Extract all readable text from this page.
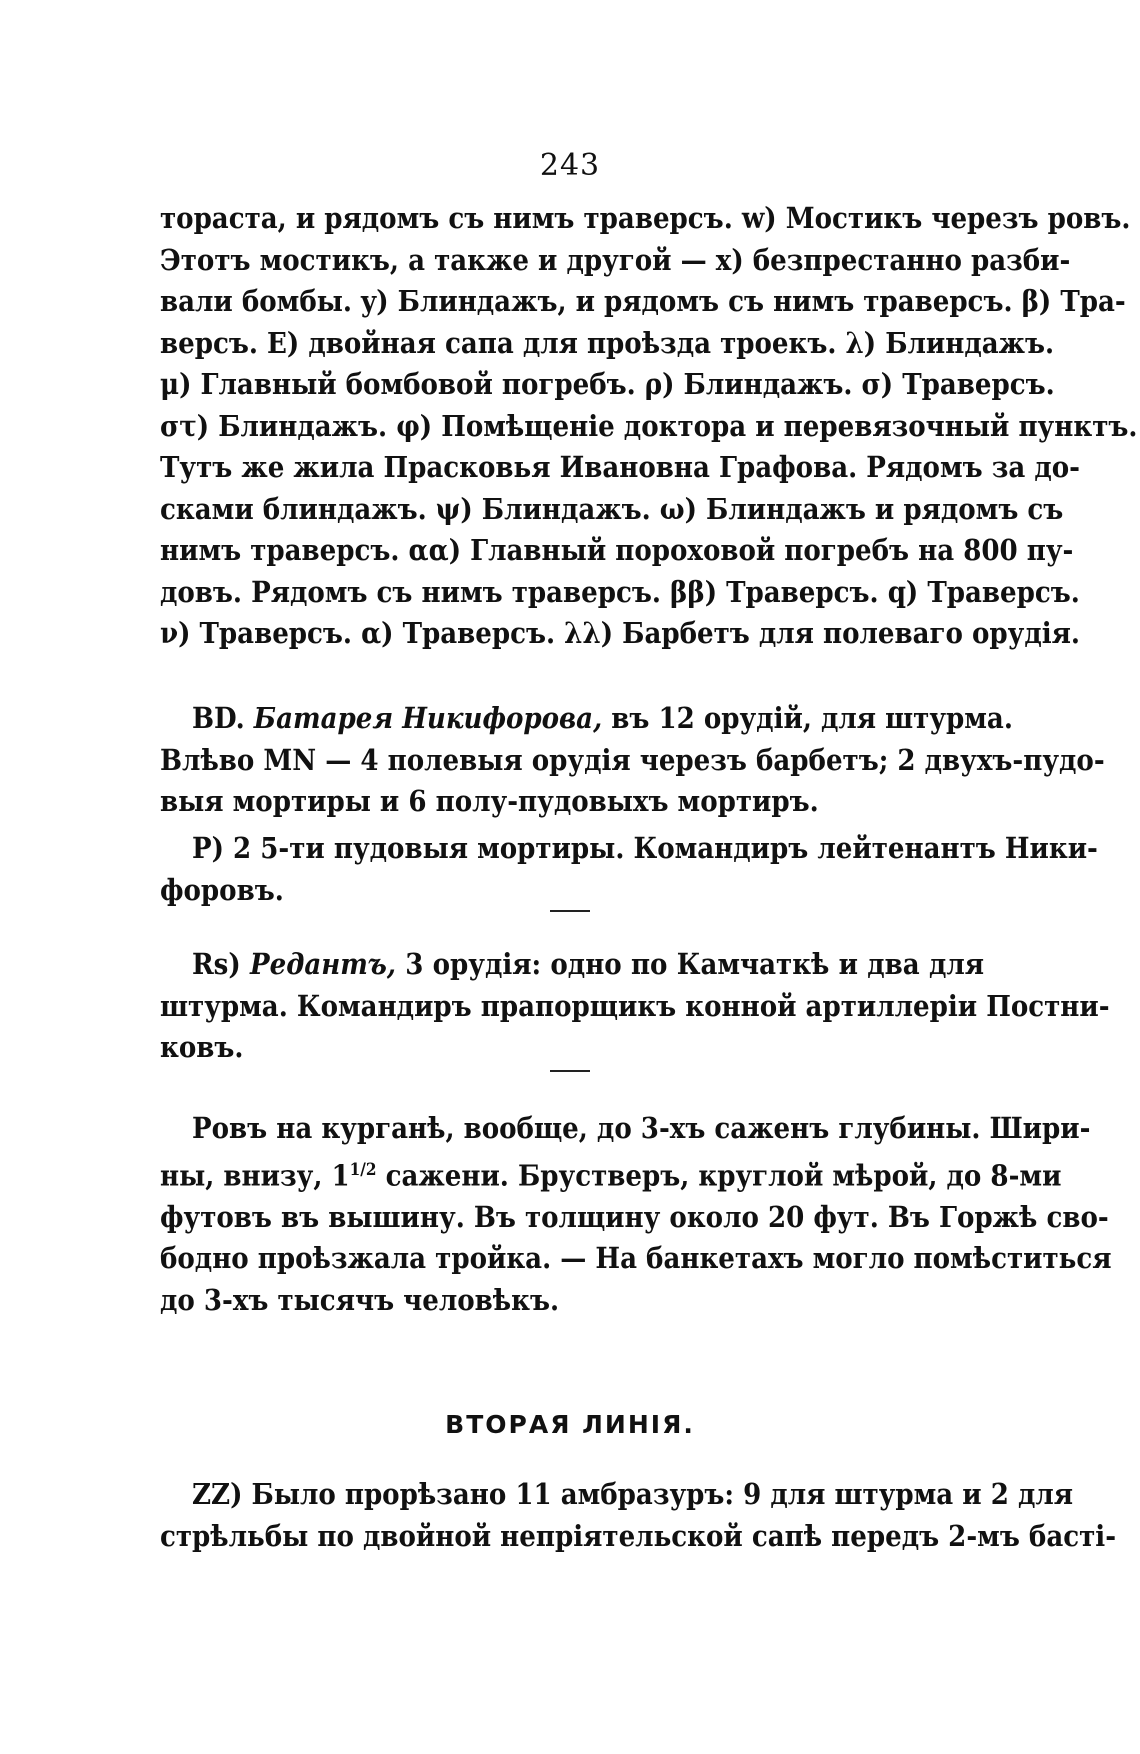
243
тораста, и рядомъ съ нимъ траверсъ. w) Мостикъ черезъ ровъ.
Этотъ мостикъ, а также и другой — x) безпрестанно разби-
вали бомбы. y) Блиндажъ, и рядомъ съ нимъ траверсъ. β) Тра-
версъ. E) двойная сапа для проѣзда троекъ. λ) Блиндажъ.
μ) Главный бомбовой погребъ. ρ) Блиндажъ. σ) Траверсъ.
στ) Блиндажъ. φ) Помѣщеніе доктора и перевязочный пунктъ.
Тутъ же жила Прасковья Ивановна Графова. Рядомъ за до-
сками блиндажъ. ψ) Блиндажъ. ω) Блиндажъ и рядомъ съ
нимъ траверсъ. αα) Главный пороховой погребъ на 800 пу-
довъ. Рядомъ съ нимъ траверсъ. ββ) Траверсъ. q) Траверсъ.
ν) Траверсъ. α) Траверсъ. λλ) Барбетъ для полеваго орудія.
BD. Батарея Никифорова, въ 12 орудій, для штурма.
Влѣво MN — 4 полевыя орудія черезъ барбетъ; 2 двухъ-пудо-
выя мортиры и 6 полу-пудовыхъ мортиръ.
P) 2 5-ти пудовыя мортиры. Командиръ лейтенантъ Ники-
форовъ.
Rs) Редантъ, 3 орудія: одно по Камчаткѣ и два для
штурма. Командиръ прапорщикъ конной артиллеріи Постни-
ковъ.
Ровъ на курганѣ, вообще, до 3-хъ саженъ глубины. Шири-
ны, внизу, $1^{1/2}$ сажени. Брустверъ, круглой мѣрой, до 8-ми
футовъ въ вышину. Въ толщину около 20 фут. Въ Горжѣ сво-
бодно проѣзжала тройка. — На банкетахъ могло помѣститься
до 3-хъ тысячъ человѣкъ.
ВТОРАЯ ЛИНІЯ.
ZZ) Было прорѣзано 11 амбразуръ: 9 для штурма и 2 для
стрѣльбы по двойной непріятельской сапѣ передъ 2-мъ басті-
